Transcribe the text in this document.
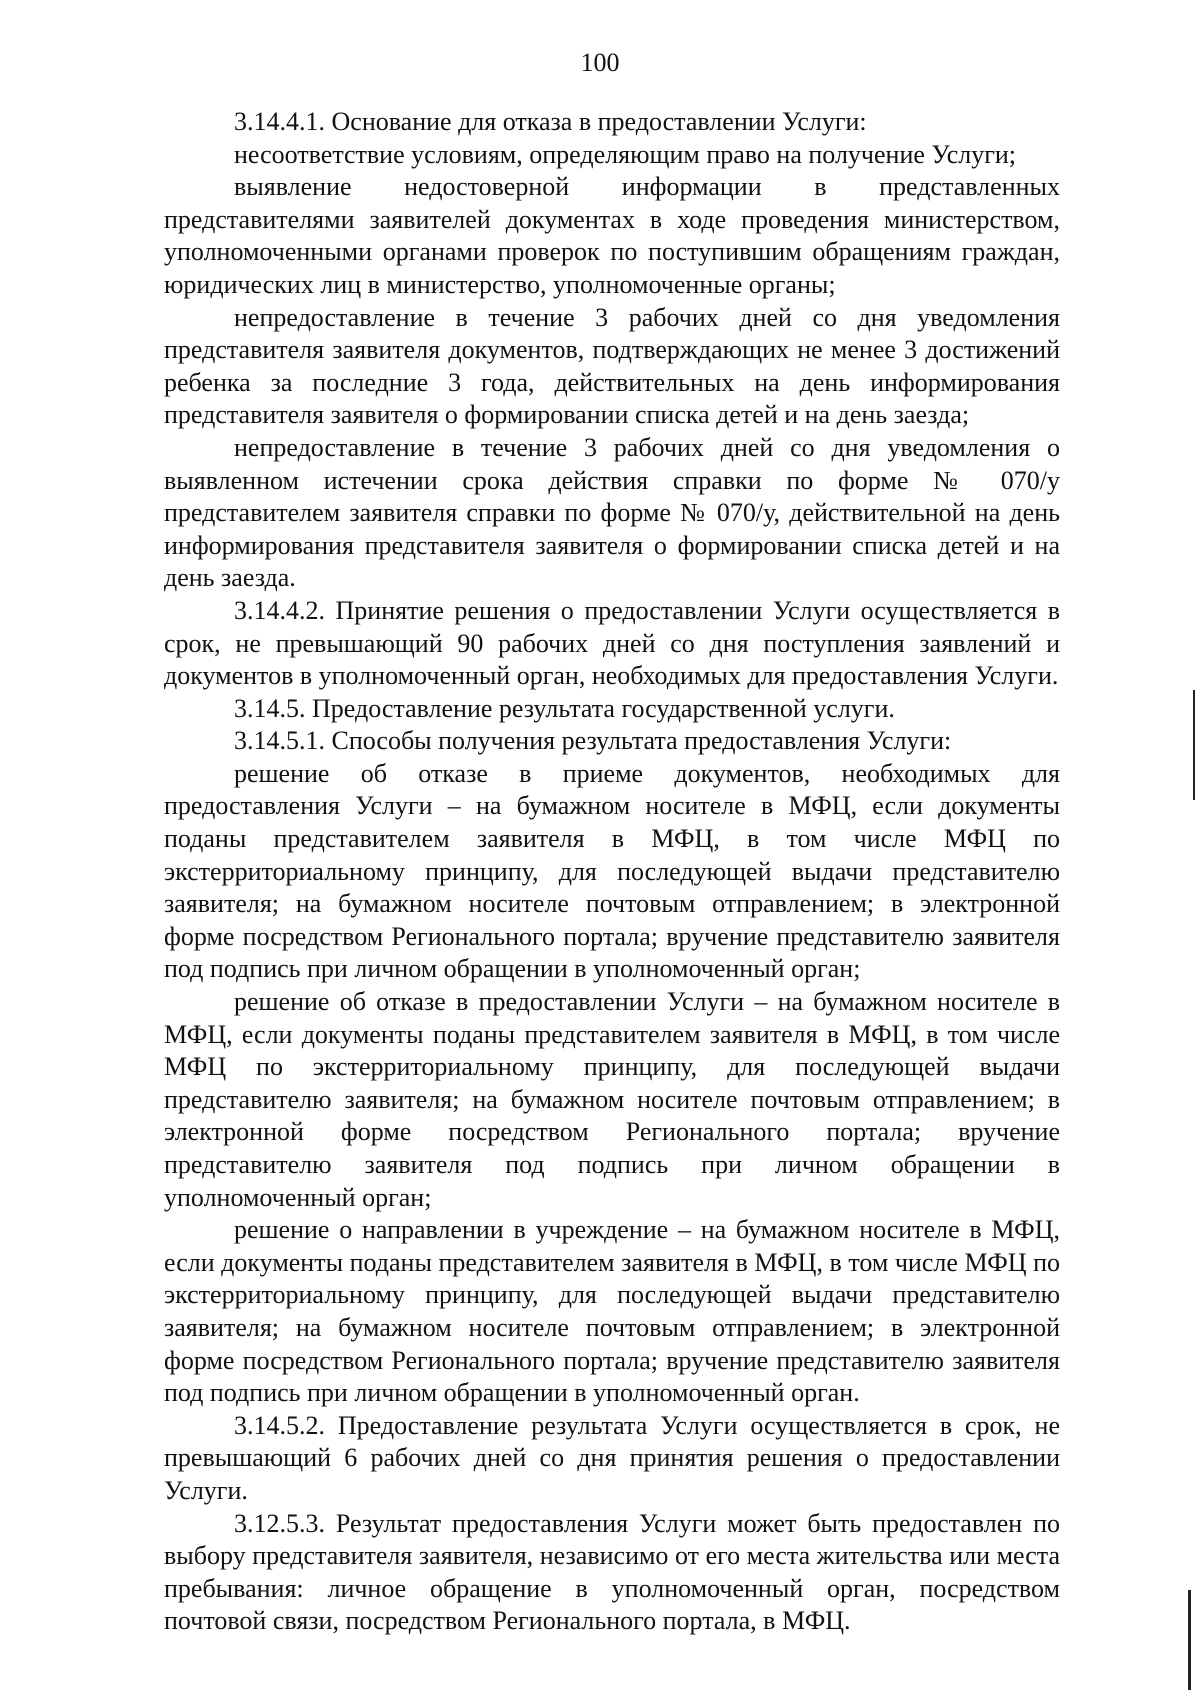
100

3.14.4.1. Основание для отказа в предоставлении Услуги:

несоответствие условиям, определяющим право на получение Услуги;

выявление недостоверной информации в представленных представителями заявителей документах в ходе проведения министерством, уполномоченными органами проверок по поступившим обращениям граждан, юридических лиц в министерство, уполномоченные органы;

непредоставление в течение 3 рабочих дней со дня уведомления представителя заявителя документов, подтверждающих не менее 3 достижений ребенка за последние 3 года, действительных на день информирования представителя заявителя о формировании списка детей и на день заезда;

непредоставление в течение 3 рабочих дней со дня уведомления о выявленном истечении срока действия справки по форме № 070/у представителем заявителя справки по форме № 070/у, действительной на день информирования представителя заявителя о формировании списка детей и на день заезда.

3.14.4.2. Принятие решения о предоставлении Услуги осуществляется в срок, не превышающий 90 рабочих дней со дня поступления заявлений и документов в уполномоченный орган, необходимых для предоставления Услуги.

3.14.5. Предоставление результата государственной услуги.

3.14.5.1. Способы получения результата предоставления Услуги:

решение об отказе в приеме документов, необходимых для предоставления Услуги – на бумажном носителе в МФЦ, если документы поданы представителем заявителя в МФЦ, в том числе МФЦ по экстерриториальному принципу, для последующей выдачи представителю заявителя; на бумажном носителе почтовым отправлением; в электронной форме посредством Регионального портала; вручение представителю заявителя под подпись при личном обращении в уполномоченный орган;

решение об отказе в предоставлении Услуги – на бумажном носителе в МФЦ, если документы поданы представителем заявителя в МФЦ, в том числе МФЦ по экстерриториальному принципу, для последующей выдачи представителю заявителя; на бумажном носителе почтовым отправлением; в электронной форме посредством Регионального портала; вручение представителю заявителя под подпись при личном обращении в уполномоченный орган;

решение о направлении в учреждение – на бумажном носителе в МФЦ, если документы поданы представителем заявителя в МФЦ, в том числе МФЦ по экстерриториальному принципу, для последующей выдачи представителю заявителя; на бумажном носителе почтовым отправлением; в электронной форме посредством Регионального портала; вручение представителю заявителя под подпись при личном обращении в уполномоченный орган.

3.14.5.2. Предоставление результата Услуги осуществляется в срок, не превышающий 6 рабочих дней со дня принятия решения о предоставлении Услуги.

3.12.5.3. Результат предоставления Услуги может быть предоставлен по выбору представителя заявителя, независимо от его места жительства или места пребывания: личное обращение в уполномоченный орган, посредством почтовой связи, посредством Регионального портала, в МФЦ.
